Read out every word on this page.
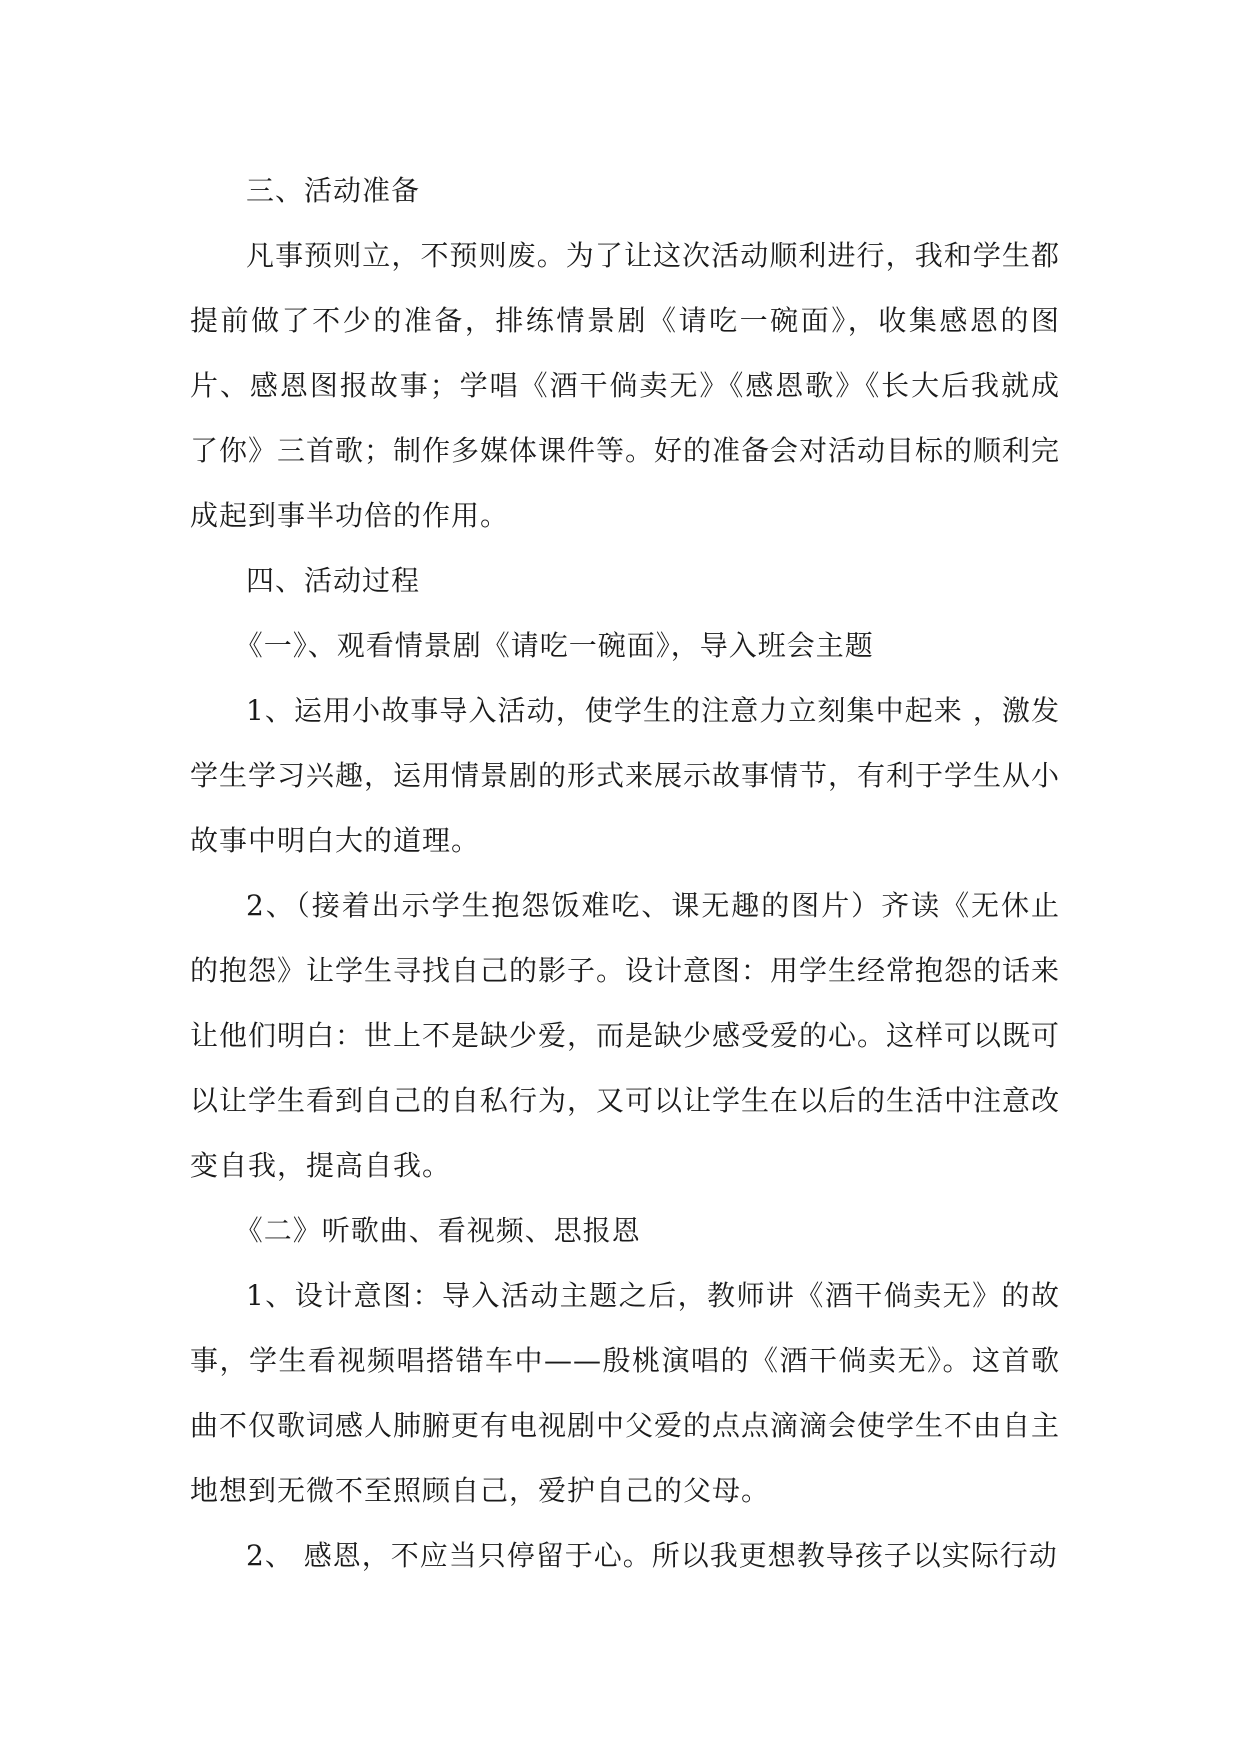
三、活动准备

凡事预则立，不预则废。为了让这次活动顺利进行，我和学生都提前做了不少的准备，排练情景剧《请吃一碗面》，收集感恩的图片、感恩图报故事；学唱《酒干倘卖无》《感恩歌》《长大后我就成了你》三首歌；制作多媒体课件等。好的准备会对活动目标的顺利完成起到事半功倍的作用。

四、活动过程

《一》、观看情景剧《请吃一碗面》，导入班会主题

1、运用小故事导入活动，使学生的注意力立刻集中起来 ，激发学生学习兴趣，运用情景剧的形式来展示故事情节，有利于学生从小故事中明白大的道理。

2、（接着出示学生抱怨饭难吃、课无趣的图片）齐读《无休止的抱怨》让学生寻找自己的影子。设计意图：用学生经常抱怨的话来让他们明白：世上不是缺少爱，而是缺少感受爱的心。这样可以既可以让学生看到自己的自私行为，又可以让学生在以后的生活中注意改变自我，提高自我。

《二》听歌曲、看视频、思报恩

1、设计意图：导入活动主题之后，教师讲《酒干倘卖无》的故事，学生看视频唱搭错车中——殷桃演唱的《酒干倘卖无》。这首歌曲不仅歌词感人肺腑更有电视剧中父爱的点点滴滴会使学生不由自主地想到无微不至照顾自己，爱护自己的父母。

2、 感恩，不应当只停留于心。所以我更想教导孩子以实际行动
